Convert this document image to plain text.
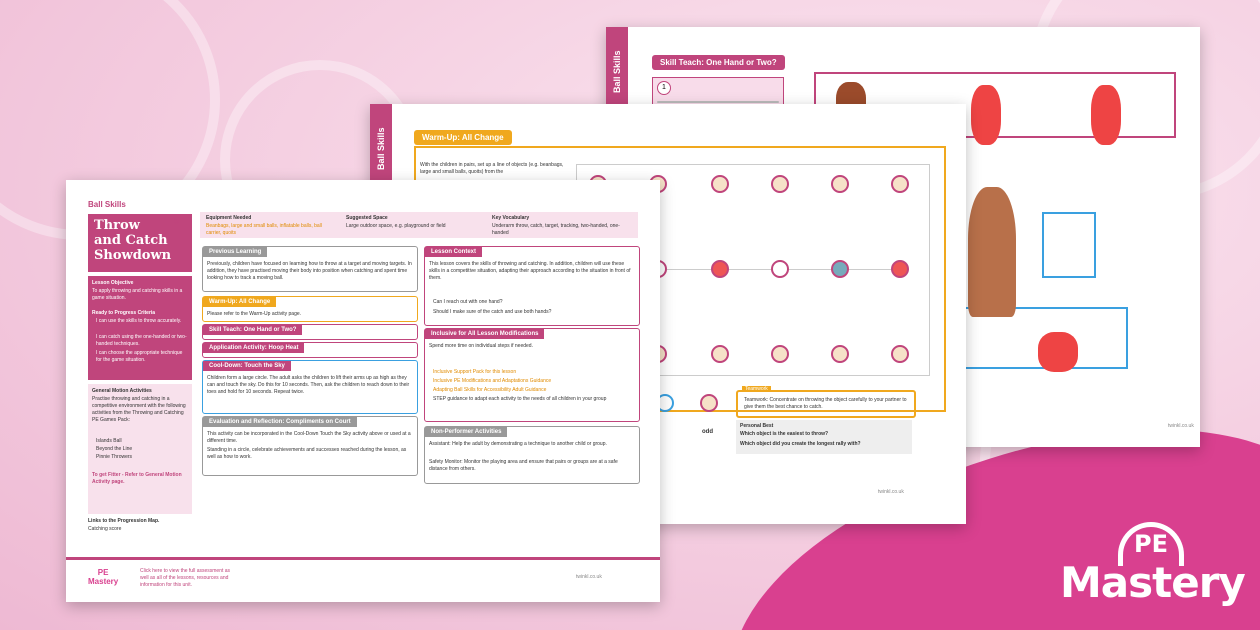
Ball Skills	Skill Teach: One Hand or Two?
1
twinkl.co.uk
Ball Skills	Warm-Up: All Change
With the children in pairs, set up a line of objects (e.g. beanbags, large and small balls, quoits) from the
odd
Teamwork
Teamwork: Concentrate on throwing the object carefully to your partner to give them the best chance to catch.
Personal Best
Which object is the easiest to throw?
Which object did you create the longest rally with?
twinkl.co.uk
Ball Skills
Throw
and Catch
Showdown
5
Lesson Objective
To apply throwing and catching skills in a game situation.
Ready to Progress Criteria
I can use the skills to throw accurately.
I can catch using the one-handed or two-handed techniques.
I can choose the appropriate technique for the game situation.
General Motion Activities
Practise throwing and catching in a competitive environment with the following activities from the Throwing and Catching PE Games Pack:
Islands Ball
Beyond the Line
Pinnie Throwers
To get Fitter - Refer to General Motion Activity page.
Links to the Progression Map.
Catching score
Equipment Needed
Beanbags, large and small balls, inflatable balls, ball carrier, quoits
Suggested Space
Large outdoor space, e.g. playground or field
Key Vocabulary
Underarm throw, catch, target, tracking, two-handed, one-handed
Previous Learning
Previously, children have focused on learning how to throw at a target and moving targets. In addition, they have practised moving their body into position when catching and spent time looking how to track a moving ball.
Warm-Up: All Change
Please refer to the Warm-Up activity page.
Skill Teach: One Hand or Two?
Application Activity: Hoop Heat
Cool-Down: Touch the Sky
Children form a large circle. The adult asks the children to lift their arms up as high as they can and touch the sky. Do this for 10 seconds. Then, ask the children to reach down to their toes and hold for 10 seconds. Repeat twice.
Evaluation and Reflection: Compliments on Court
This activity can be incorporated in the Cool-Down Touch the Sky activity above or used at a different time.
Standing in a circle, celebrate achievements and successes reached during the lesson, as well as how to work.
Lesson Context
This lesson covers the skills of throwing and catching. In addition, children will use these skills in a competitive situation, adapting their approach according to the situation in front of them.
Can I reach out with one hand?
Should I make sure of the catch and use both hands?
Inclusive for All Lesson Modifications
Spend more time on individual steps if needed.
Inclusive Support Pack for this lesson
Inclusive PE Modifications and Adaptations Guidance
Adapting Ball Skills for Accessibility Adult Guidance
STEP guidance to adapt each activity to the needs of all children in your group
Non-Performer Activities
Assistant: Help the adult by demonstrating a technique to another child or group.
Safety Monitor: Monitor the playing area and ensure that pairs or groups are at a safe distance from others.
PE
Mastery
Click here to view the full assessment as well as all of the lessons, resources and information for this unit.
twinkl.co.uk
PE
Mastery
